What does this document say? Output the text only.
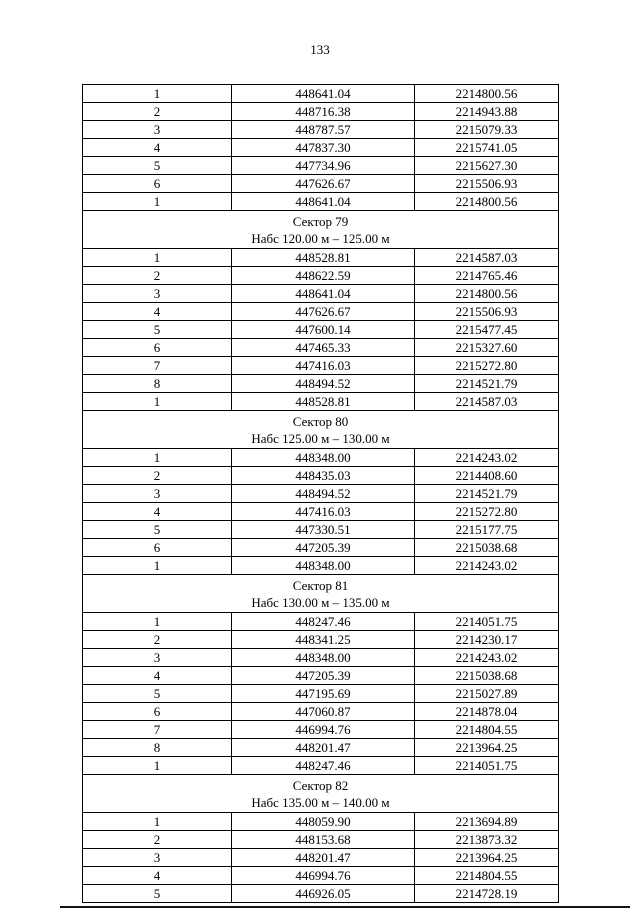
133
1	448641.04	2214800.56
2	448716.38	2214943.88
3	448787.57	2215079.33
4	447837.30	2215741.05
5	447734.96	2215627.30
6	447626.67	2215506.93
1	448641.04	2214800.56

Сектор 79
Набс 120.00 м – 125.00 м		

1	448528.81	2214587.03
2	448622.59	2214765.46
3	448641.04	2214800.56
4	447626.67	2215506.93
5	447600.14	2215477.45
6	447465.33	2215327.60
7	447416.03	2215272.80
8	448494.52	2214521.79
1	448528.81	2214587.03

Сектор 80
Набс 125.00 м – 130.00 м		

1	448348.00	2214243.02
2	448435.03	2214408.60
3	448494.52	2214521.79
4	447416.03	2215272.80
5	447330.51	2215177.75
6	447205.39	2215038.68
1	448348.00	2214243.02

Сектор 81
Набс 130.00 м – 135.00 м		

1	448247.46	2214051.75
2	448341.25	2214230.17
3	448348.00	2214243.02
4	447205.39	2215038.68
5	447195.69	2215027.89
6	447060.87	2214878.04
7	446994.76	2214804.55
8	448201.47	2213964.25
1	448247.46	2214051.75

Сектор 82
Набс 135.00 м – 140.00 м		

1	448059.90	2213694.89
2	448153.68	2213873.32
3	448201.47	2213964.25
4	446994.76	2214804.55
5	446926.05	2214728.19
